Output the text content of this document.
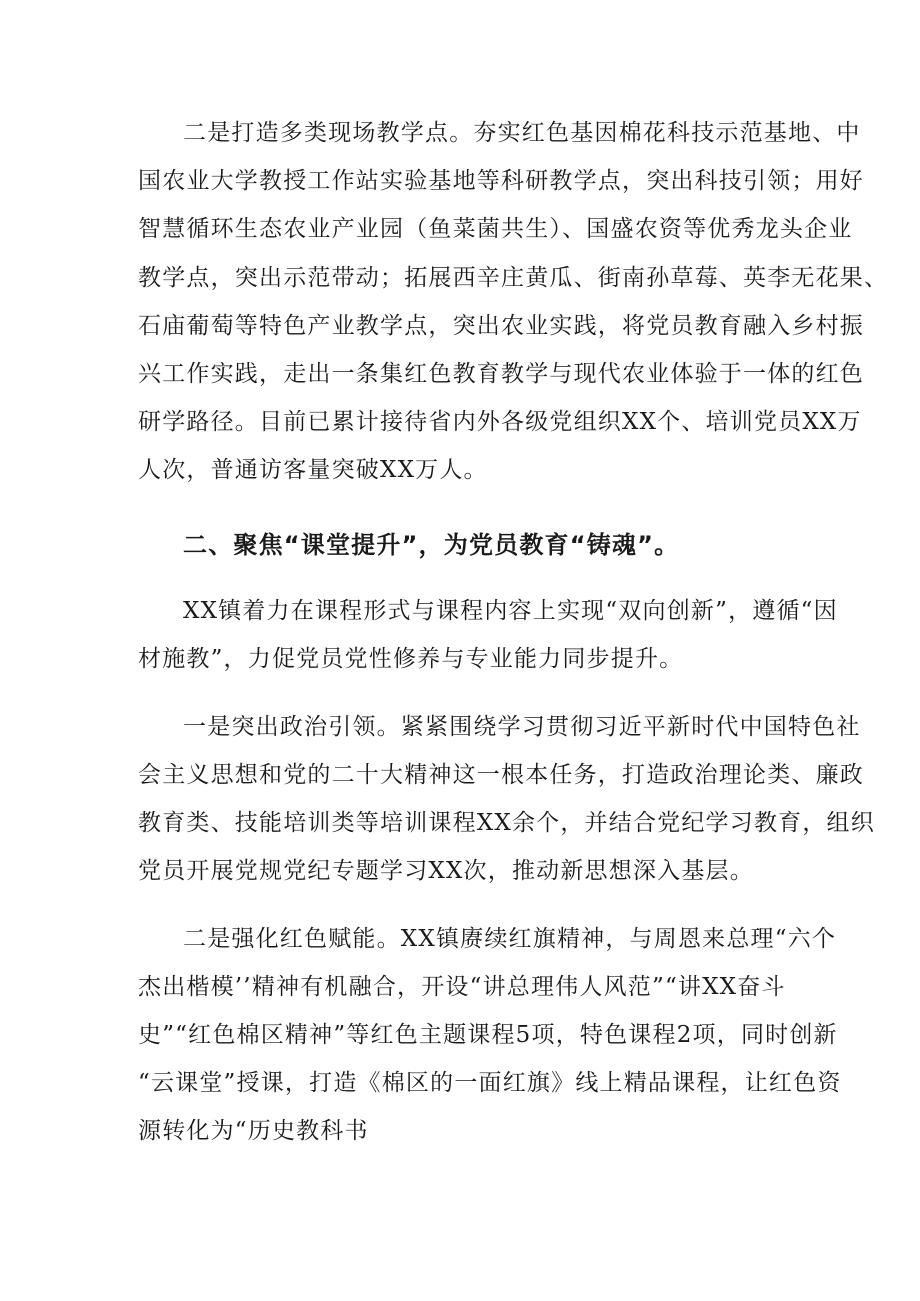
二是打造多类现场教学点。夯实红色基因棉花科技示范基地、中
国农业大学教授工作站实验基地等科研教学点，突出科技引领；用好
智慧循环生态农业产业园（鱼菜菌共生）、国盛农资等优秀龙头企业
教学点，突出示范带动；拓展西辛庄黄瓜、街南孙草莓、英李无花果、
石庙葡萄等特色产业教学点，突出农业实践，将党员教育融入乡村振
兴工作实践，走出一条集红色教育教学与现代农业体验于一体的红色
研学路径。目前已累计接待省内外各级党组织XX个、培训党员XX万
人次，普通访客量突破XX万人。
二、聚焦“课堂提升”，为党员教育“铸魂”。
XX镇着力在课程形式与课程内容上实现“双向创新”，遵循“因
材施教”，力促党员党性修养与专业能力同步提升。
一是突出政治引领。紧紧围绕学习贯彻习近平新时代中国特色社
会主义思想和党的二十大精神这一根本任务，打造政治理论类、廉政
教育类、技能培训类等培训课程XX余个，并结合党纪学习教育，组织
党员开展党规党纪专题学习XX次，推动新思想深入基层。
二是强化红色赋能。XX镇赓续红旗精神，与周恩来总理“六个
杰出楷模’’精神有机融合，开设“讲总理伟人风范”“讲XX奋斗
史”“红色棉区精神”等红色主题课程5项，特色课程2项，同时创新
“云课堂”授课，打造《棉区的一面红旗》线上精品课程，让红色资
源转化为“历史教科书
